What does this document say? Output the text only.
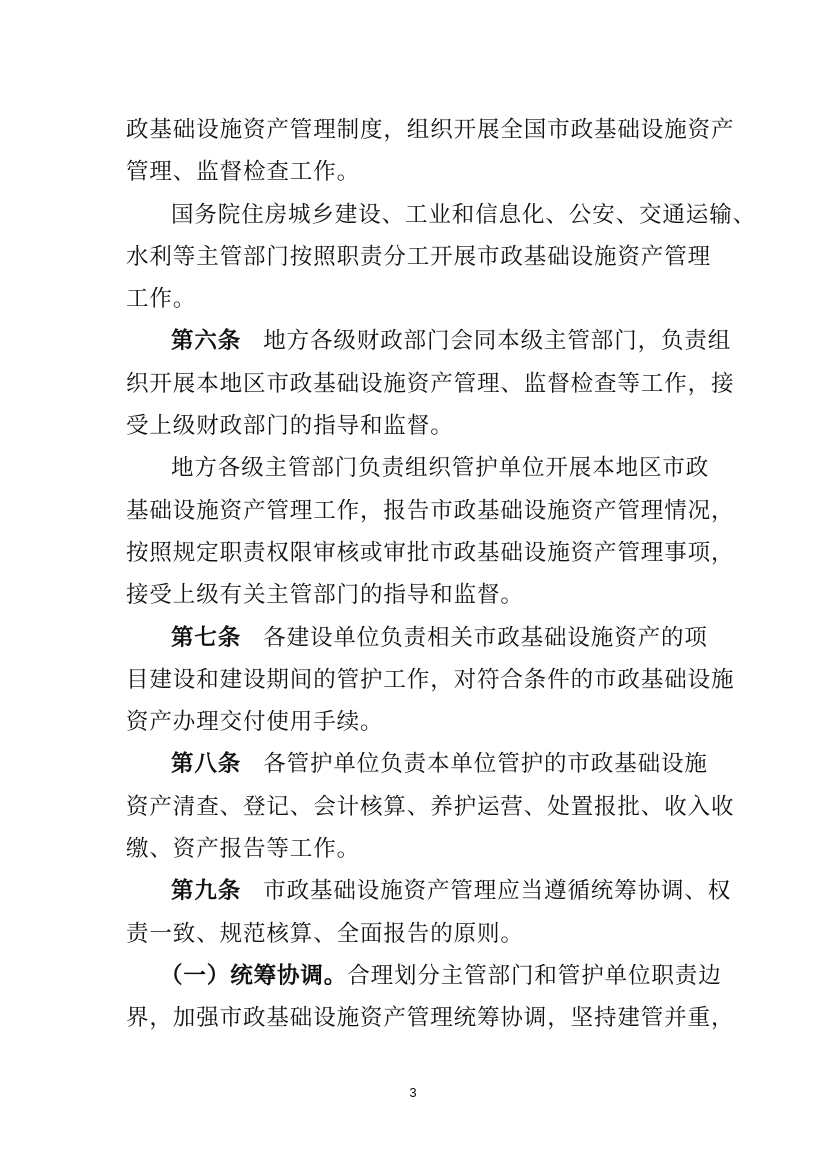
政基础设施资产管理制度，组织开展全国市政基础设施资产
管理、监督检查工作。
国务院住房城乡建设、工业和信息化、公安、交通运输、
水利等主管部门按照职责分工开展市政基础设施资产管理
工作。
第六条 地方各级财政部门会同本级主管部门，负责组
织开展本地区市政基础设施资产管理、监督检查等工作，接
受上级财政部门的指导和监督。
地方各级主管部门负责组织管护单位开展本地区市政
基础设施资产管理工作，报告市政基础设施资产管理情况，
按照规定职责权限审核或审批市政基础设施资产管理事项，
接受上级有关主管部门的指导和监督。
第七条 各建设单位负责相关市政基础设施资产的项
目建设和建设期间的管护工作，对符合条件的市政基础设施
资产办理交付使用手续。
第八条 各管护单位负责本单位管护的市政基础设施
资产清查、登记、会计核算、养护运营、处置报批、收入收
缴、资产报告等工作。
第九条 市政基础设施资产管理应当遵循统筹协调、权
责一致、规范核算、全面报告的原则。
（一）统筹协调。合理划分主管部门和管护单位职责边
界，加强市政基础设施资产管理统筹协调，坚持建管并重，
3
